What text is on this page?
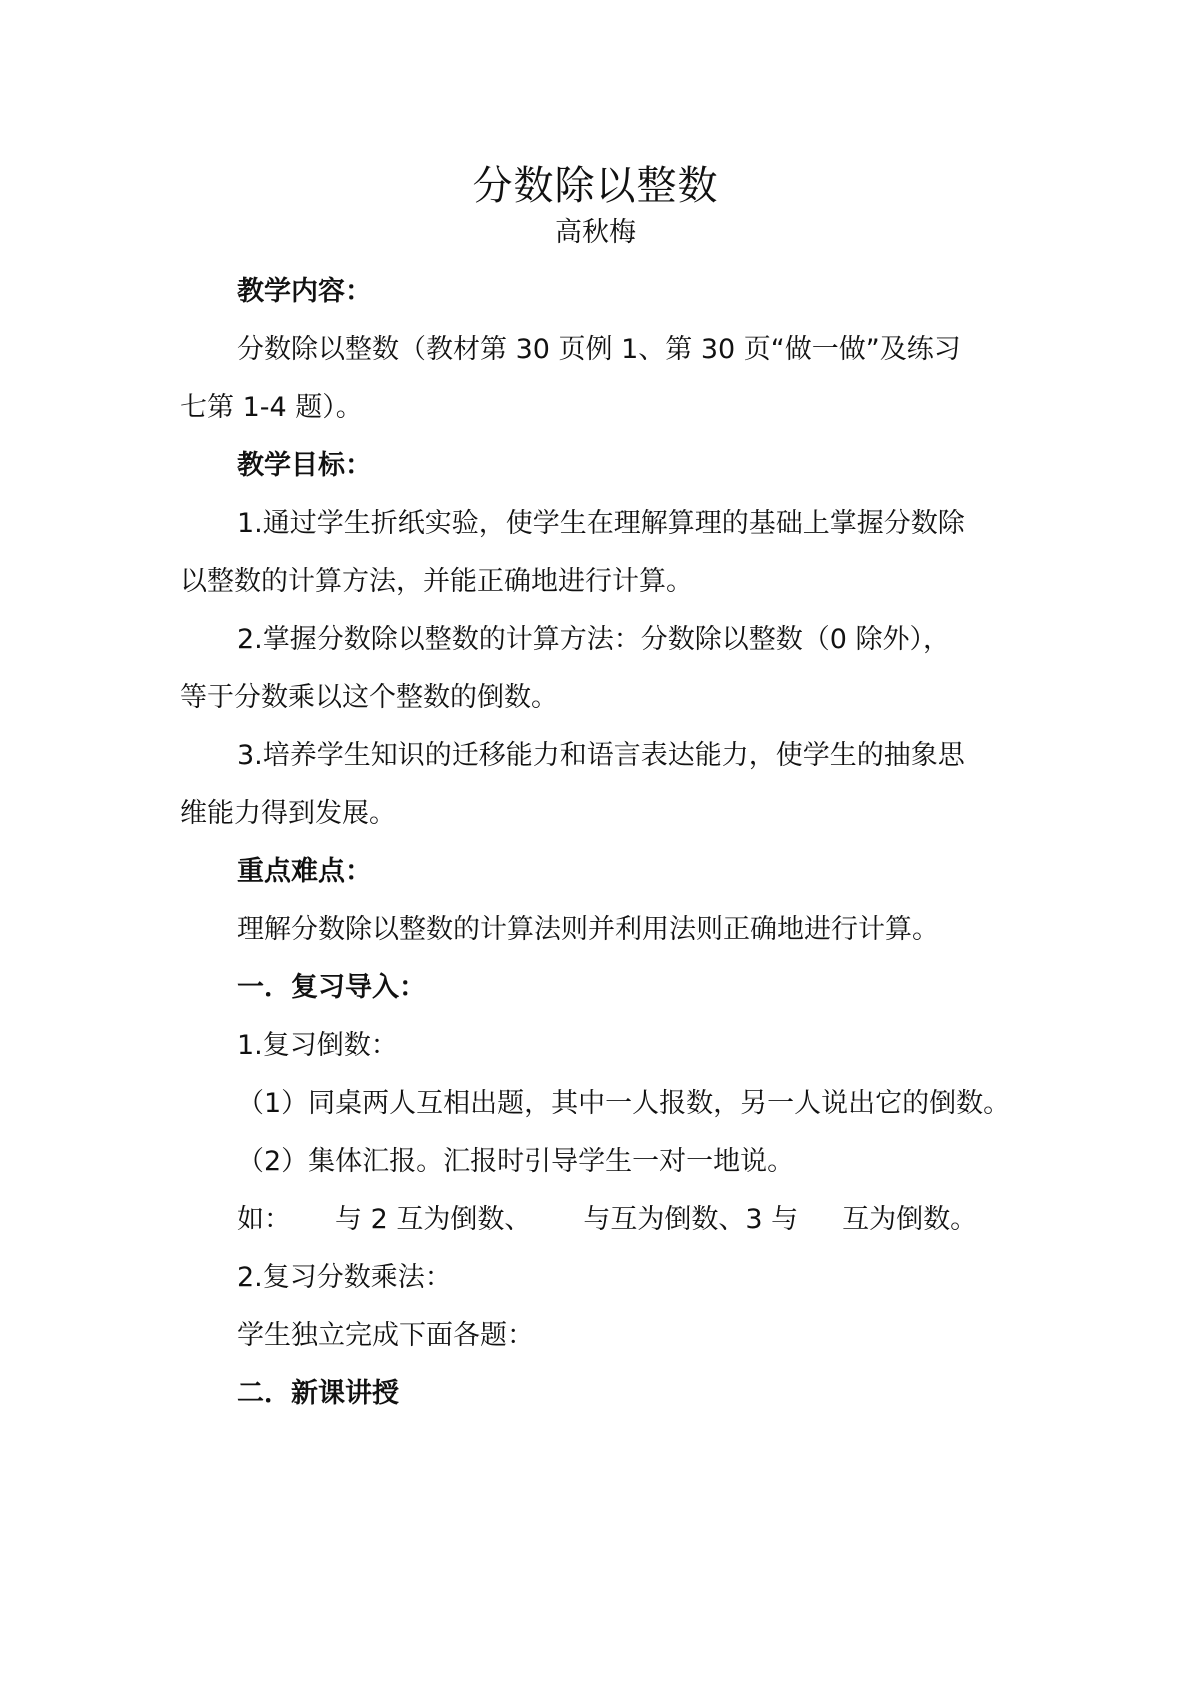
分数除以整数
高秋梅
教学内容：
分数除以整数（教材第 30 页例 1、第 30 页“做一做”及练习
七第 1-4 题）。
教学目标：
1.通过学生折纸实验，使学生在理解算理的基础上掌握分数除
以整数的计算方法，并能正确地进行计算。
2.掌握分数除以整数的计算方法：分数除以整数（0 除外），
等于分数乘以这个整数的倒数。
3.培养学生知识的迁移能力和语言表达能力，使学生的抽象思
维能力得到发展。
重点难点：
理解分数除以整数的计算法则并利用法则正确地进行计算。
一．复习导入：
1.复习倒数：
（1）同桌两人互相出题，其中一人报数，另一人说出它的倒数。
（2）集体汇报。汇报时引导学生一对一地说。
如： 与 2 互为倒数、 与互为倒数、3 与 互为倒数。
2.复习分数乘法：
学生独立完成下面各题：
二．新课讲授
